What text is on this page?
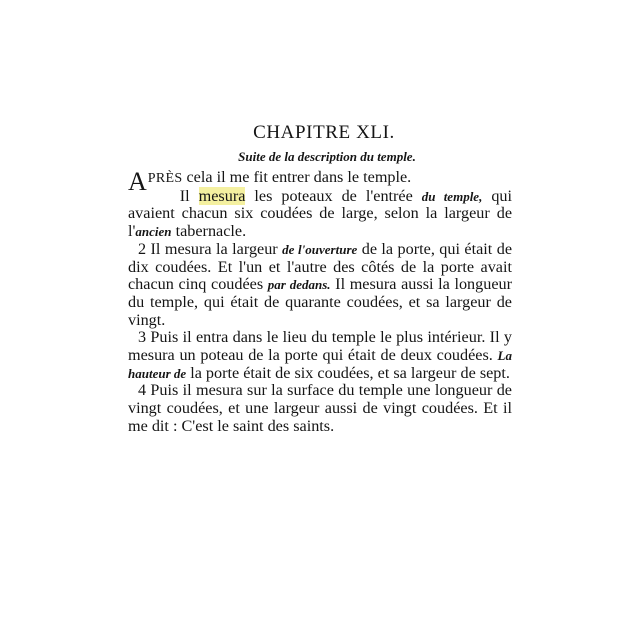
CHAPITRE XLI.
Suite de la description du temple.

APRÈS cela il me fit entrer dans le temple.
Il mesura les poteaux de l'entrée du temple, qui avaient chacun six coudées de large, selon la largeur de l'ancien tabernacle.

2 Il mesura la largeur de l'ouverture de la porte, qui était de dix coudées. Et l'un et l'autre des côtés de la porte avait chacun cinq coudées par dedans. Il mesura aussi la longueur du temple, qui était de quarante coudées, et sa largeur de vingt.

3 Puis il entra dans le lieu du temple le plus intérieur. Il y mesura un poteau de la porte qui était de deux coudées. La hauteur de la porte était de six coudées, et sa largeur de sept.

4 Puis il mesura sur la surface du temple une longueur de vingt coudées, et une largeur aussi de vingt coudées. Et il me dit : C'est le saint des saints.
